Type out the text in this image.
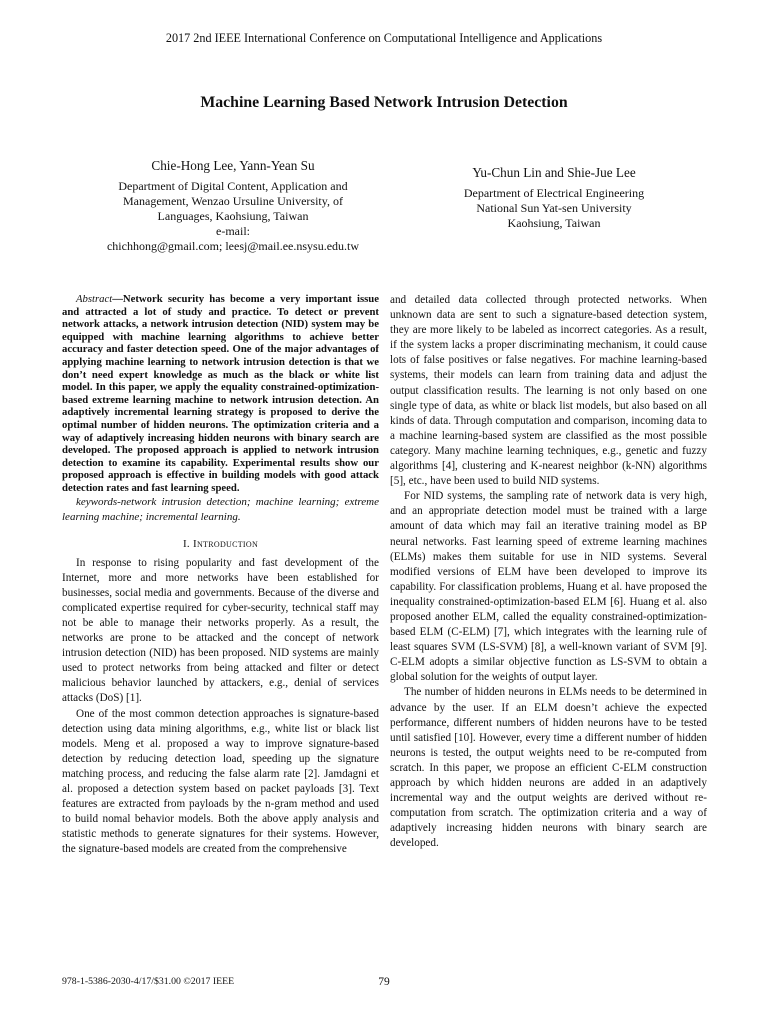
2017 2nd IEEE International Conference on Computational Intelligence and Applications
Machine Learning Based Network Intrusion Detection
Chie-Hong Lee, Yann-Yean Su
Department of Digital Content, Application and
Management, Wenzao Ursuline University, of
Languages, Kaohsiung, Taiwan
e-mail:
chichhong@gmail.com; leesj@mail.ee.nsysu.edu.tw
Yu-Chun Lin and Shie-Jue Lee
Department of Electrical Engineering
National Sun Yat-sen University
Kaohsiung, Taiwan

Abstract—Network security has become a very important issue and attracted a lot of study and practice. To detect or prevent network attacks, a network intrusion detection (NID) system may be equipped with machine learning algorithms to achieve better accuracy and faster detection speed. One of the major advantages of applying machine learning to network intrusion detection is that we don’t need expert knowledge as much as the black or white list model. In this paper, we apply the equality constrained-optimization-based extreme learning machine to network intrusion detection. An adaptively incremental learning strategy is proposed to derive the optimal number of hidden neurons. The optimization criteria and a way of adaptively increasing hidden neurons with binary search are developed. The proposed approach is applied to network intrusion detection to examine its capability. Experimental results show our proposed approach is effective in building models with good attack detection rates and fast learning speed.

keywords-network intrusion detection; machine learning; extreme learning machine; incremental learning.

I. Introduction

In response to rising popularity and fast development of the Internet, more and more networks have been established for businesses, social media and governments. Because of the diverse and complicated expertise required for cyber-security, technical staff may not be able to manage their networks properly. As a result, the networks are prone to be attacked and the concept of network intrusion detection (NID) has been proposed. NID systems are mainly used to protect networks from being attacked and filter or detect malicious behavior launched by attackers, e.g., denial of services attacks (DoS) [1].

One of the most common detection approaches is signature-based detection using data mining algorithms, e.g., white list or black list models. Meng et al. proposed a way to improve signature-based detection by reducing detection load, speeding up the signature matching process, and reducing the false alarm rate [2]. Jamdagni et al. proposed a detection system based on packet payloads [3]. Text features are extracted from payloads by the n-gram method and used to build nomal behavior models. Both the above apply analysis and statistic methods to generate signatures for their systems. However, the signature-based models are created from the comprehensive

and detailed data collected through protected networks. When unknown data are sent to such a signature-based detection system, they are more likely to be labeled as incorrect categories. As a result, if the system lacks a proper discriminating mechanism, it could cause lots of false positives or false negatives. For machine learning-based systems, their models can learn from training data and adjust the output classification results. The learning is not only based on one single type of data, as white or black list models, but also based on all kinds of data. Through computation and comparison, incoming data to a machine learning-based system are classified as the most possible category. Many machine learning techniques, e.g., genetic and fuzzy algorithms [4], clustering and K-nearest neighbor (k-NN) algorithms [5], etc., have been used to build NID systems.

For NID systems, the sampling rate of network data is very high, and an appropriate detection model must be trained with a large amount of data which may fail an iterative training model as BP neural networks. Fast learning speed of extreme learning machines (ELMs) makes them suitable for use in NID systems. Several modified versions of ELM have been developed to improve its capability. For classification problems, Huang et al. have proposed the inequality constrained-optimization-based ELM [6]. Huang et al. also proposed another ELM, called the equality constrained-optimization-based ELM (C-ELM) [7], which integrates with the learning rule of least squares SVM (LS-SVM) [8], a well-known variant of SVM [9]. C-ELM adopts a similar objective function as LS-SVM to obtain a global solution for the weights of output layer.

The number of hidden neurons in ELMs needs to be determined in advance by the user. If an ELM doesn’t achieve the expected performance, different numbers of hidden neurons have to be tested until satisfied [10]. However, every time a different number of hidden neurons is tested, the output weights need to be re-computed from scratch. In this paper, we propose an efficient C-ELM construction approach by which hidden neurons are added in an adaptively incremental way and the output weights are derived without re-computation from scratch. The optimization criteria and a way of adaptively increasing hidden neurons with binary search are developed.

978-1-5386-2030-4/17/$31.00 ©2017 IEEE	79
